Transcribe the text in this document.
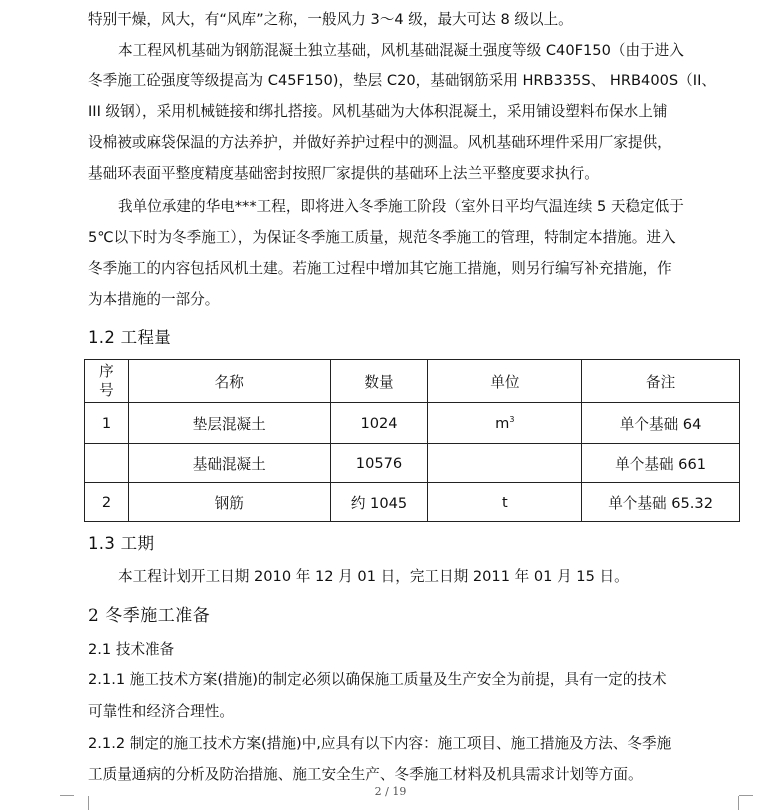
特别干燥，风大，有“风库”之称，一般风力 3～4 级，最大可达 8 级以上。
本工程风机基础为钢筋混凝土独立基础，风机基础混凝土强度等级 C40F150（由于进入
冬季施工砼强度等级提高为 C45F150)，垫层 C20，基础钢筋采用 HRB335S、 HRB400S（II、
III 级钢），采用机械链接和绑扎搭接。风机基础为大体积混凝土，采用铺设塑料布保水上铺
设棉被或麻袋保温的方法养护，并做好养护过程中的测温。风机基础环埋件采用厂家提供，
基础环表面平整度精度基础密封按照厂家提供的基础环上法兰平整度要求执行。
我单位承建的华电***工程，即将进入冬季施工阶段（室外日平均气温连续 5 天稳定低于
5℃以下时为冬季施工），为保证冬季施工质量，规范冬季施工的管理，特制定本措施。进入
冬季施工的内容包括风机土建。若施工过程中增加其它施工措施，则另行编写补充措施，作
为本措施的一部分。
1.2 工程量
序
号	名称	数量	单位	备注
1	垫层混凝土	1024	$m^3$	单个基础 64
	基础混凝土	10576		单个基础 661
2	钢筋	约 1045	t	单个基础 65.32
1.3 工期
本工程计划开工日期 2010 年 12 月 01 日，完工日期 2011 年 01 月 15 日。
2 冬季施工准备
2.1 技术准备
2.1.1 施工技术方案(措施)的制定必须以确保施工质量及生产安全为前提，具有一定的技术
可靠性和经济合理性。
2.1.2 制定的施工技术方案(措施)中,应具有以下内容：施工项目、施工措施及方法、冬季施
工质量通病的分析及防治措施、施工安全生产、冬季施工材料及机具需求计划等方面。
2 / 19
